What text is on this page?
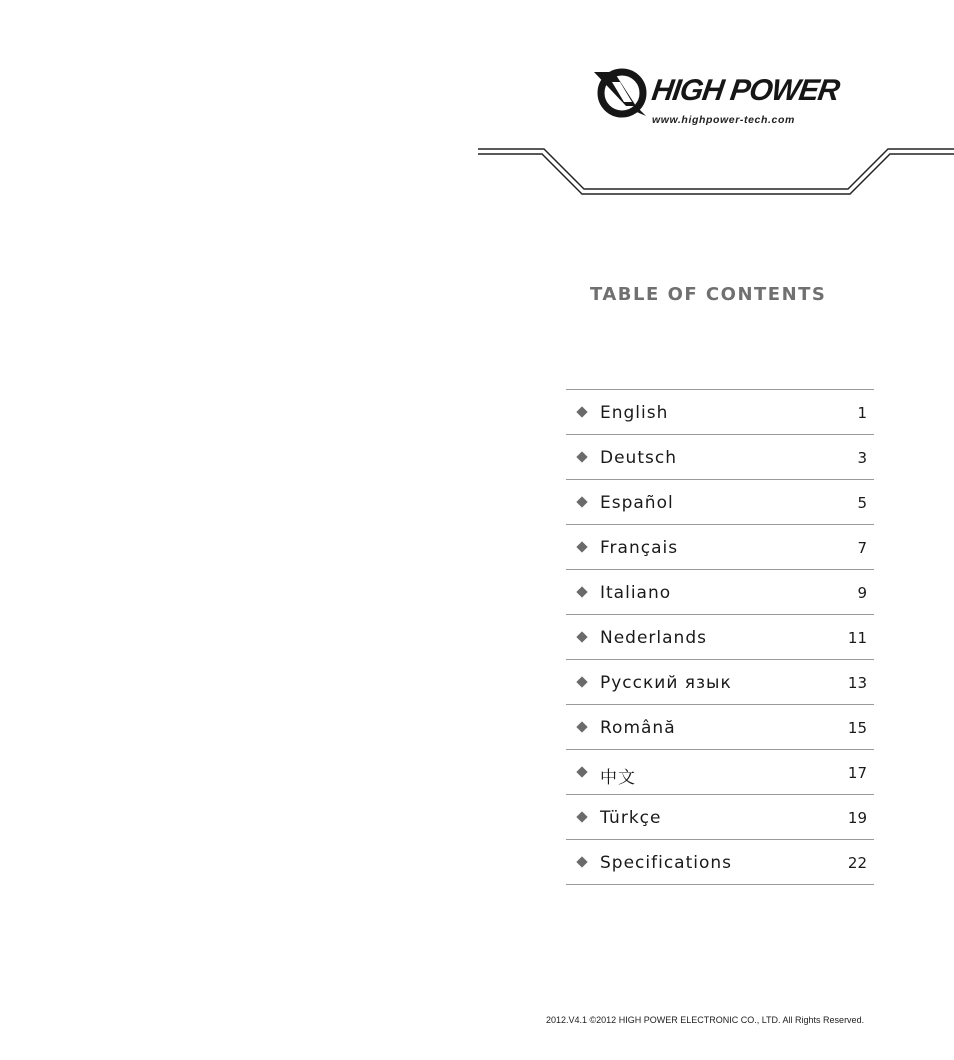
HIGH POWER
www.highpower-tech.com
TABLE OF CONTENTS
English	1
Deutsch	3
Español	5
Français	7
Italiano	9
Nederlands	11
Русский язык	13
Română	15
中文	17
Türkçe	19
Specifications	22
2012.V4.1 ©2012 HIGH POWER ELECTRONIC CO., LTD. All Rights Reserved.
